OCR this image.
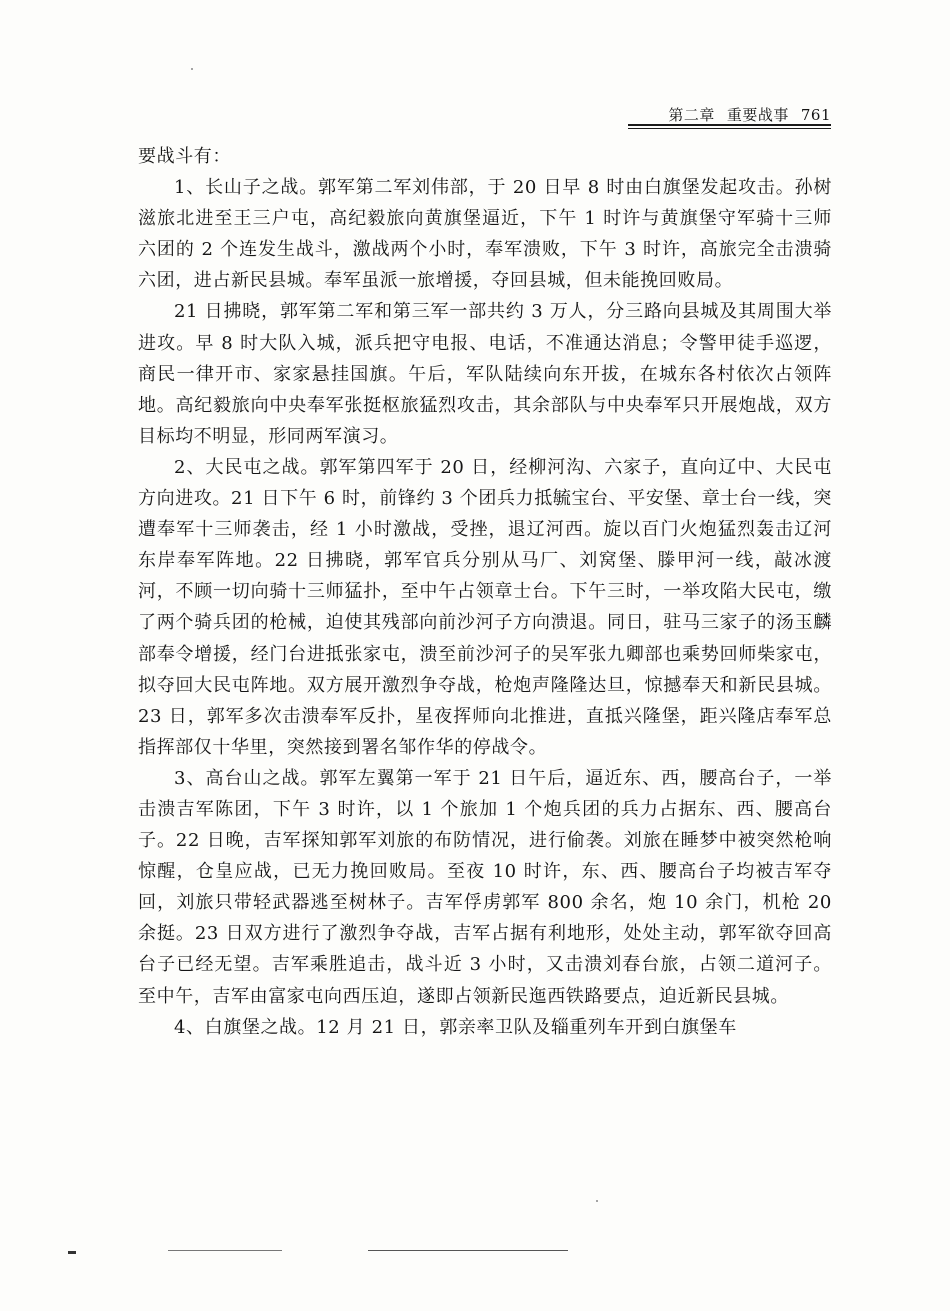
第二章 重要战事 761

要战斗有：

1、长山子之战。郭军第二军刘伟部，于 20 日早 8 时由白旗堡发起攻击。孙树滋旅北进至王三户屯，高纪毅旅向黄旗堡逼近，下午 1 时许与黄旗堡守军骑十三师六团的 2 个连发生战斗，激战两个小时，奉军溃败，下午 3 时许，高旅完全击溃骑六团，进占新民县城。奉军虽派一旅增援，夺回县城，但未能挽回败局。

21 日拂晓，郭军第二军和第三军一部共约 3 万人，分三路向县城及其周围大举进攻。早 8 时大队入城，派兵把守电报、电话，不准通达消息；令警甲徒手巡逻，商民一律开市、家家悬挂国旗。午后，军队陆续向东开拔，在城东各村依次占领阵地。高纪毅旅向中央奉军张挺枢旅猛烈攻击，其余部队与中央奉军只开展炮战，双方目标均不明显，形同两军演习。

2、大民屯之战。郭军第四军于 20 日，经柳河沟、六家子，直向辽中、大民屯方向进攻。21 日下午 6 时，前锋约 3 个团兵力抵毓宝台、平安堡、章士台一线，突遭奉军十三师袭击，经 1 小时激战，受挫，退辽河西。旋以百门火炮猛烈轰击辽河东岸奉军阵地。22 日拂晓，郭军官兵分别从马厂、刘窝堡、滕甲河一线，敲冰渡河，不顾一切向骑十三师猛扑，至中午占领章士台。下午三时，一举攻陷大民屯，缴了两个骑兵团的枪械，迫使其残部向前沙河子方向溃退。同日，驻马三家子的汤玉麟部奉令增援，经门台进抵张家屯，溃至前沙河子的吴军张九卿部也乘势回师柴家屯，拟夺回大民屯阵地。双方展开激烈争夺战，枪炮声隆隆达旦，惊撼奉天和新民县城。23 日，郭军多次击溃奉军反扑，星夜挥师向北推进，直抵兴隆堡，距兴隆店奉军总指挥部仅十华里，突然接到署名邹作华的停战令。

3、高台山之战。郭军左翼第一军于 21 日午后，逼近东、西，腰高台子，一举击溃吉军陈团，下午 3 时许，以 1 个旅加 1 个炮兵团的兵力占据东、西、腰高台子。22 日晚，吉军探知郭军刘旅的布防情况，进行偷袭。刘旅在睡梦中被突然枪响惊醒，仓皇应战，已无力挽回败局。至夜 10 时许，东、西、腰高台子均被吉军夺回，刘旅只带轻武器逃至树林子。吉军俘虏郭军 800 余名，炮 10 余门，机枪 20 余挺。23 日双方进行了激烈争夺战，吉军占据有利地形，处处主动，郭军欲夺回高台子已经无望。吉军乘胜追击，战斗近 3 小时，又击溃刘春台旅，占领二道河子。至中午，吉军由富家屯向西压迫，遂即占领新民迤西铁路要点，迫近新民县城。

4、白旗堡之战。12 月 21 日，郭亲率卫队及辎重列车开到白旗堡车
